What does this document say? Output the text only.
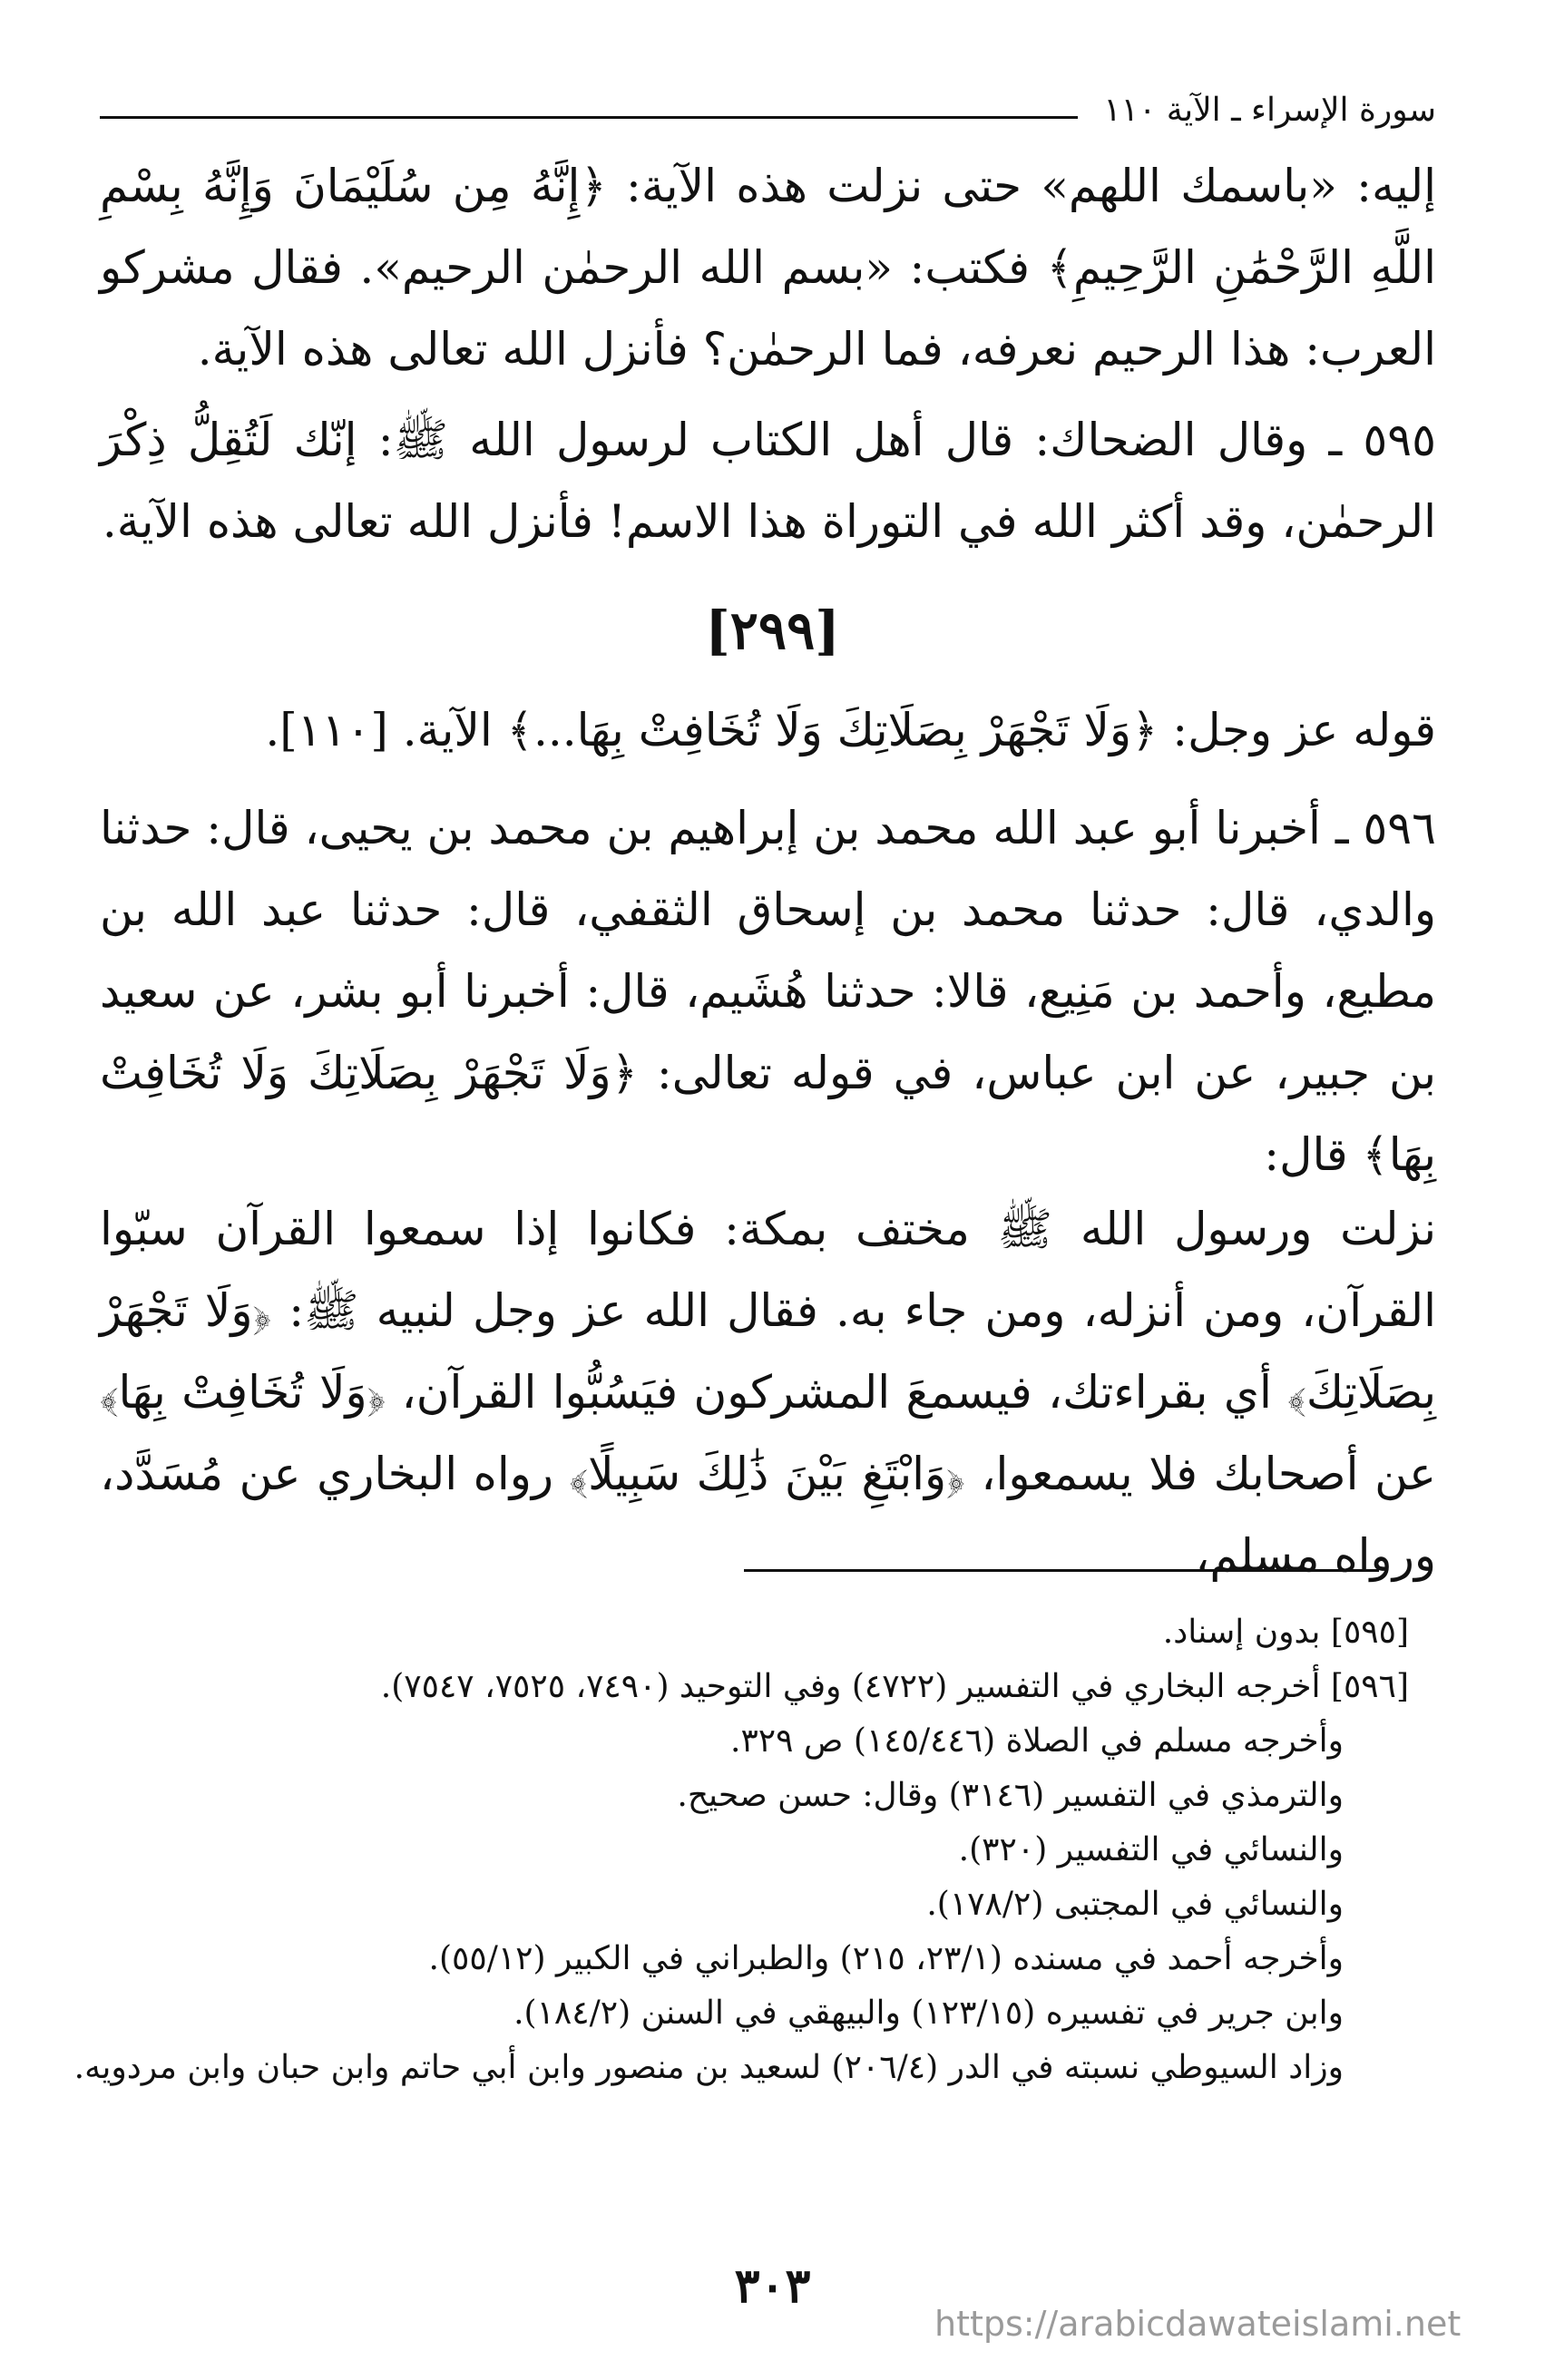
سورة الإسراء ـ الآية ١١٠

إليه: «باسمك اللهم» حتى نزلت هذه الآية: ﴿إِنَّهُ مِن سُلَيْمَانَ وَإِنَّهُ بِسْمِ اللَّهِ الرَّحْمَٰنِ الرَّحِيمِ﴾ فكتب: «بسم الله الرحمٰن الرحيم». فقال مشركو العرب: هذا الرحيم نعرفه، فما الرحمٰن؟ فأنزل الله تعالى هذه الآية.

٥٩٥ ـ وقال الضحاك: قال أهل الكتاب لرسول الله ﷺ: إنّك لَتُقِلُّ ذِكْرَ الرحمٰن، وقد أكثر الله في التوراة هذا الاسم! فأنزل الله تعالى هذه الآية.

[٢٩٩]

قوله عز وجل: ﴿وَلَا تَجْهَرْ بِصَلَاتِكَ وَلَا تُخَافِتْ بِهَا...﴾ الآية. [١١٠].

٥٩٦ ـ أخبرنا أبو عبد الله محمد بن إبراهيم بن محمد بن يحيى، قال: حدثنا والدي، قال: حدثنا محمد بن إسحاق الثقفي، قال: حدثنا عبد الله بن مطيع، وأحمد بن مَنِيع، قالا: حدثنا هُشَيم، قال: أخبرنا أبو بشر، عن سعيد بن جبير، عن ابن عباس، في قوله تعالى: ﴿وَلَا تَجْهَرْ بِصَلَاتِكَ وَلَا تُخَافِتْ بِهَا﴾ قال:

نزلت ورسول الله ﷺ مختف بمكة: فكانوا إذا سمعوا القرآن سبّوا القرآن، ومن أنزله، ومن جاء به. فقال الله عز وجل لنبيه ﷺ: ﴿وَلَا تَجْهَرْ بِصَلَاتِكَ﴾ أي بقراءتك، فيسمعَ المشركون فيَسُبُّوا القرآن، ﴿وَلَا تُخَافِتْ بِهَا﴾ عن أصحابك فلا يسمعوا، ﴿وَابْتَغِ بَيْنَ ذَٰلِكَ سَبِيلًا﴾ رواه البخاري عن مُسَدَّد، ورواه مسلم،

[٥٩٥] بدون إسناد.

[٥٩٦] أخرجه البخاري في التفسير (٤٧٢٢) وفي التوحيد (٧٤٩٠، ٧٥٢٥، ٧٥٤٧).

وأخرجه مسلم في الصلاة (١٤٥/٤٤٦) ص ٣٢٩.

والترمذي في التفسير (٣١٤٦) وقال: حسن صحيح.

والنسائي في التفسير (٣٢٠).

والنسائي في المجتبى (١٧٨/٢).

وأخرجه أحمد في مسنده (٢٣/١، ٢١٥) والطبراني في الكبير (٥٥/١٢).

وابن جرير في تفسيره (١٢٣/١٥) والبيهقي في السنن (١٨٤/٢).

وزاد السيوطي نسبته في الدر (٢٠٦/٤) لسعيد بن منصور وابن أبي حاتم وابن حبان وابن مردويه.

٣٠٣
https://arabicdawateislami.net
